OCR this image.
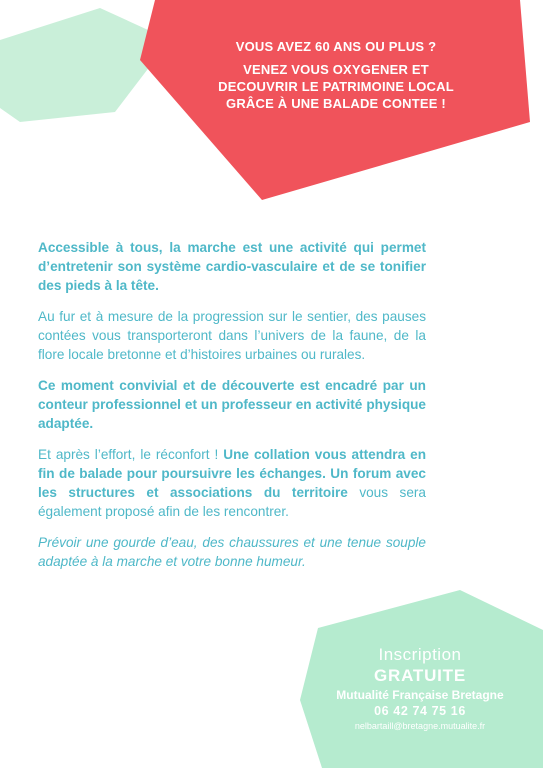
VOUS AVEZ 60 ANS OU PLUS ?
VENEZ VOUS OXYGENER ET
DECOUVRIR LE PATRIMOINE LOCAL
GRÂCE À UNE BALADE CONTEE !

Accessible à tous, la marche est une activité qui permet d’entretenir son système cardio-vasculaire et de se tonifier des pieds à la tête.

Au fur et à mesure de la progression sur le sentier, des pauses contées vous transporteront dans l’univers de la faune, de la flore locale bretonne et d’histoires urbaines ou rurales.

Ce moment convivial et de découverte est encadré par un conteur professionnel et un professeur en activité physique adaptée.

Et après l’effort, le réconfort ! Une collation vous attendra en fin de balade pour poursuivre les échanges. Un forum avec les structures et associations du territoire vous sera également proposé afin de les rencontrer.

Prévoir une gourde d’eau, des chaussures et une tenue souple adaptée à la marche et votre bonne humeur.

Inscription
GRATUITE
Mutualité Française Bretagne
06 42 74 75 16
nelbartaill@bretagne.mutualite.fr
